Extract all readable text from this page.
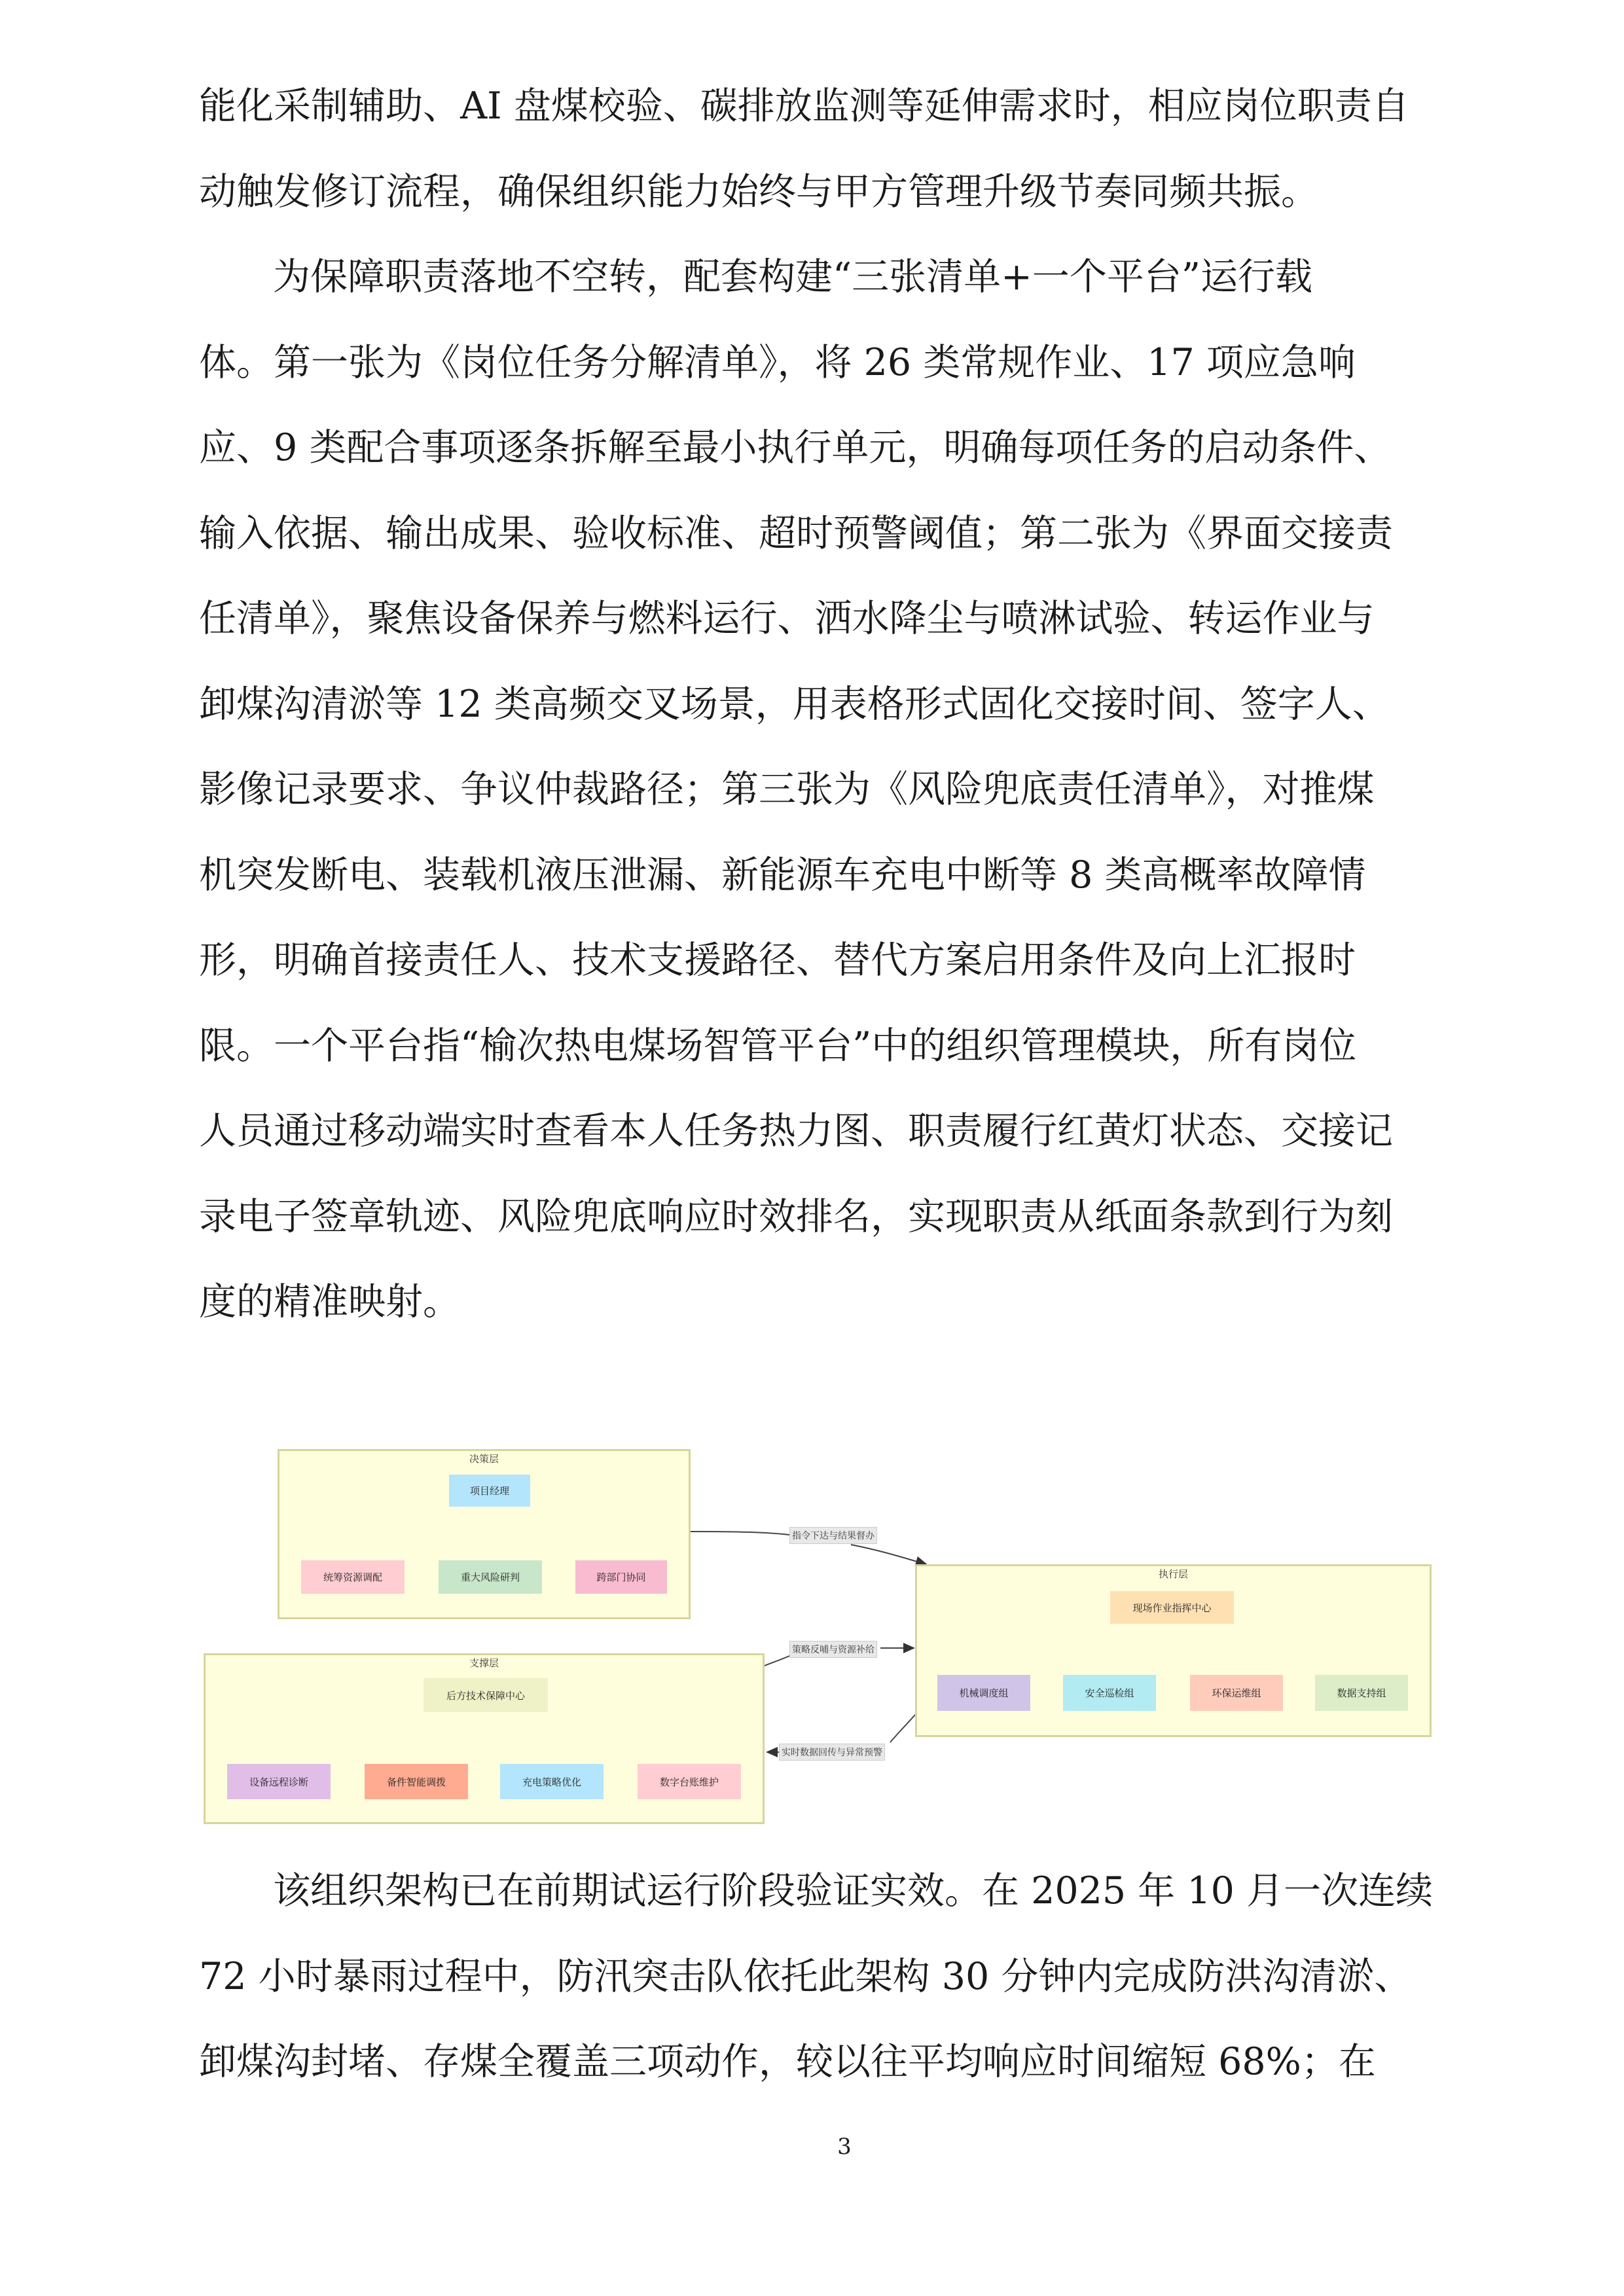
能化采制辅助、AI 盘煤校验、碳排放监测等延伸需求时，相应岗位职责自
动触发修订流程，确保组织能力始终与甲方管理升级节奏同频共振。
为保障职责落地不空转，配套构建“三张清单+一个平台”运行载
体。第一张为《岗位任务分解清单》，将 26 类常规作业、17 项应急响
应、9 类配合事项逐条拆解至最小执行单元，明确每项任务的启动条件、
输入依据、输出成果、验收标准、超时预警阈值；第二张为《界面交接责
任清单》，聚焦设备保养与燃料运行、洒水降尘与喷淋试验、转运作业与
卸煤沟清淤等 12 类高频交叉场景，用表格形式固化交接时间、签字人、
影像记录要求、争议仲裁路径；第三张为《风险兜底责任清单》，对推煤
机突发断电、装载机液压泄漏、新能源车充电中断等 8 类高概率故障情
形，明确首接责任人、技术支援路径、替代方案启用条件及向上汇报时
限。一个平台指“榆次热电煤场智管平台”中的组织管理模块，所有岗位
人员通过移动端实时查看本人任务热力图、职责履行红黄灯状态、交接记
录电子签章轨迹、风险兜底响应时效排名，实现职责从纸面条款到行为刻
度的精准映射。
该组织架构已在前期试运行阶段验证实效。在 2025 年 10 月一次连续
72 小时暴雨过程中，防汛突击队依托此架构 30 分钟内完成防洪沟清淤、
卸煤沟封堵、存煤全覆盖三项动作，较以往平均响应时间缩短 68%；在
决策层
项目经理
统筹资源调配	重大风险研判	跨部门协同	执行层
现场作业指挥中心
机械调度组	安全巡检组	环保运维组	数据支持组
支撑层
后方技术保障中心
设备远程诊断	备件智能调拨	充电策略优化	数字台账维护
指令下达与结果督办
策略反哺与资源补给
实时数据回传与异常预警
3
